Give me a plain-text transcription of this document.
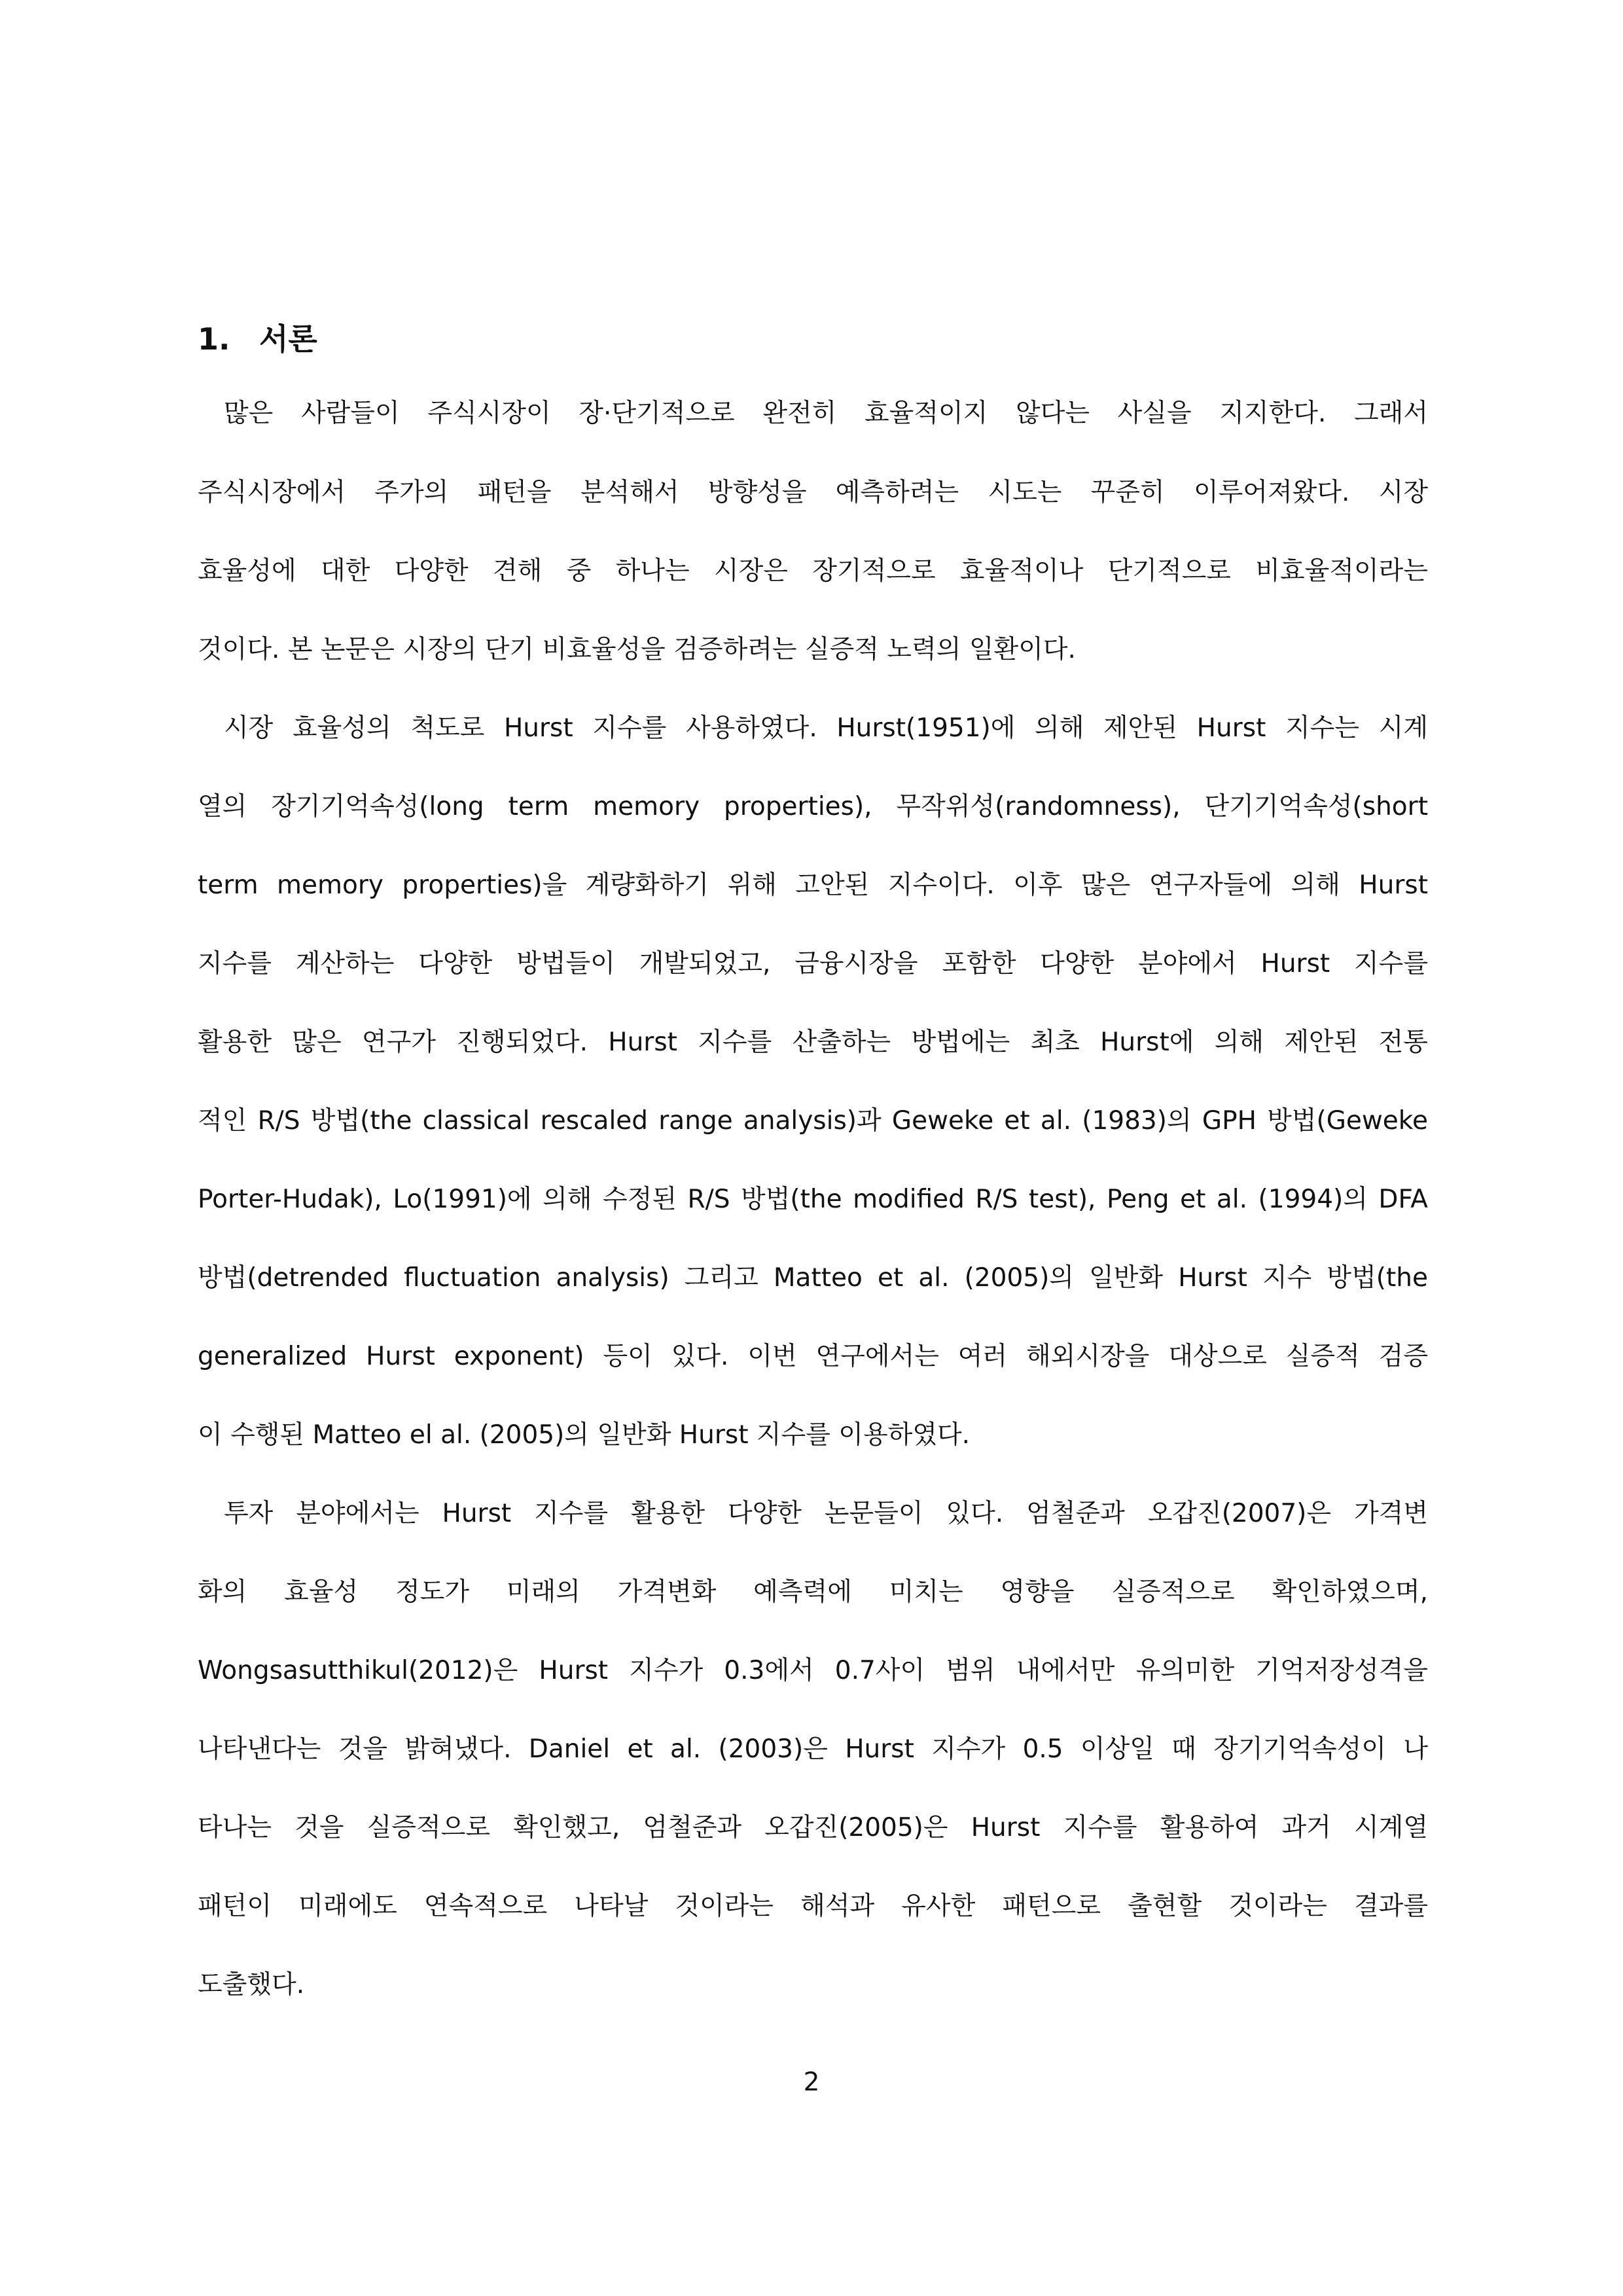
1. 서론
많은 사람들이 주식시장이 장·단기적으로 완전히 효율적이지 않다는 사실을 지지한다. 그래서
주식시장에서 주가의 패턴을 분석해서 방향성을 예측하려는 시도는 꾸준히 이루어져왔다. 시장
효율성에 대한 다양한 견해 중 하나는 시장은 장기적으로 효율적이나 단기적으로 비효율적이라는
것이다. 본 논문은 시장의 단기 비효율성을 검증하려는 실증적 노력의 일환이다.
시장 효율성의 척도로 Hurst 지수를 사용하였다. Hurst(1951)에 의해 제안된 Hurst 지수는 시계
열의 장기기억속성(long term memory properties), 무작위성(randomness), 단기기억속성(short
term memory properties)을 계량화하기 위해 고안된 지수이다. 이후 많은 연구자들에 의해 Hurst
지수를 계산하는 다양한 방법들이 개발되었고, 금융시장을 포함한 다양한 분야에서 Hurst 지수를
활용한 많은 연구가 진행되었다. Hurst 지수를 산출하는 방법에는 최초 Hurst에 의해 제안된 전통
적인 R/S 방법(the classical rescaled range analysis)과 Geweke et al. (1983)의 GPH 방법(Geweke
Porter-Hudak), Lo(1991)에 의해 수정된 R/S 방법(the modified R/S test), Peng et al. (1994)의 DFA
방법(detrended fluctuation analysis) 그리고 Matteo et al. (2005)의 일반화 Hurst 지수 방법(the
generalized Hurst exponent) 등이 있다. 이번 연구에서는 여러 해외시장을 대상으로 실증적 검증
이 수행된 Matteo el al. (2005)의 일반화 Hurst 지수를 이용하였다.
투자 분야에서는 Hurst 지수를 활용한 다양한 논문들이 있다. 엄철준과 오갑진(2007)은 가격변
화의 효율성 정도가 미래의 가격변화 예측력에 미치는 영향을 실증적으로 확인하였으며,
Wongsasutthikul(2012)은 Hurst 지수가 0.3에서 0.7사이 범위 내에서만 유의미한 기억저장성격을
나타낸다는 것을 밝혀냈다. Daniel et al. (2003)은 Hurst 지수가 0.5 이상일 때 장기기억속성이 나
타나는 것을 실증적으로 확인했고, 엄철준과 오갑진(2005)은 Hurst 지수를 활용하여 과거 시계열
패턴이 미래에도 연속적으로 나타날 것이라는 해석과 유사한 패턴으로 출현할 것이라는 결과를
도출했다.
2
